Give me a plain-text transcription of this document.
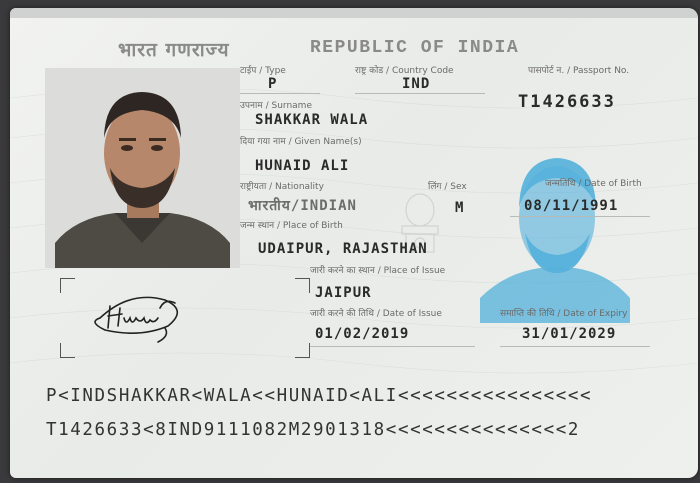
भारत गणराज्य	REPUBLIC OF INDIA
टाईप / Type
P
राष्ट्र कोड / Country Code
IND
पासपोर्ट न. / Passport No.
T1426633
उपनाम / Surname
SHAKKAR WALA
दिया गया नाम / Given Name(s)
HUNAID ALI
राष्ट्रीयता / Nationality
भारतीय/INDIAN
लिंग / Sex
M
जन्मतिथि / Date of Birth
08/11/1991
जन्म स्थान / Place of Birth
UDAIPUR, RAJASTHAN
जारी करने का स्थान / Place of Issue
JAIPUR
जारी करने की तिथि / Date of Issue
01/02/2019
समाप्ति की तिथि / Date of Expiry
31/01/2029
P<INDSHAKKAR<WALA<<HUNAID<ALI<<<<<<<<<<<<<<<<
T1426633<8IND9111082M2901318<<<<<<<<<<<<<<<2
